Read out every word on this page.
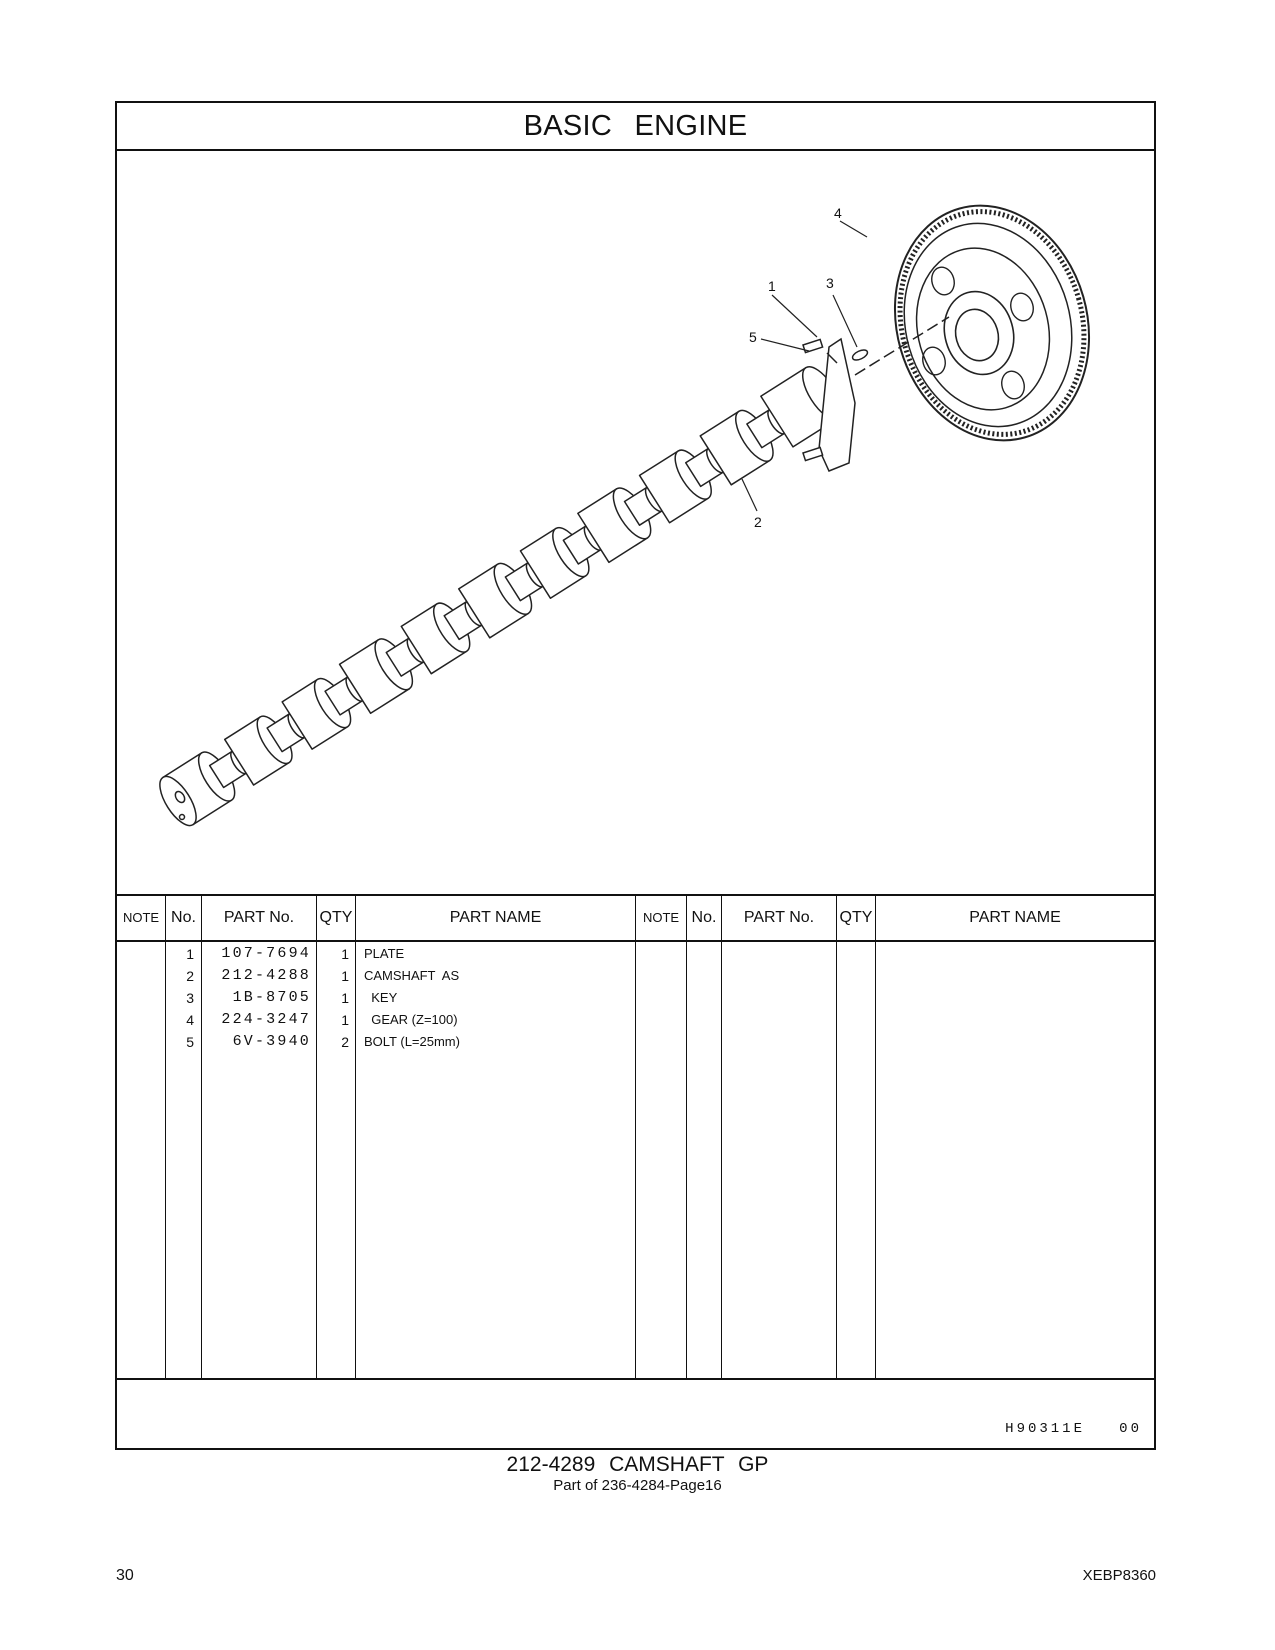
BASIC ENGINE
1
2
3
4
5
NOTE No.	PART No.	QTY	PART NAME	NOTE No.	PART No.	QTY	PART NAME
1	107-7694	1 PLATE
2	212-4288	1 CAMSHAFT  AS
3	1B-8705	1 KEY
4	224-3247	1 GEAR (Z=100)
5	6V-3940	2 BOLT (L=25mm)
H90311E   00
212-4289 CAMSHAFT GP
Part of 236-4284-Page16
30	XEBP8360
